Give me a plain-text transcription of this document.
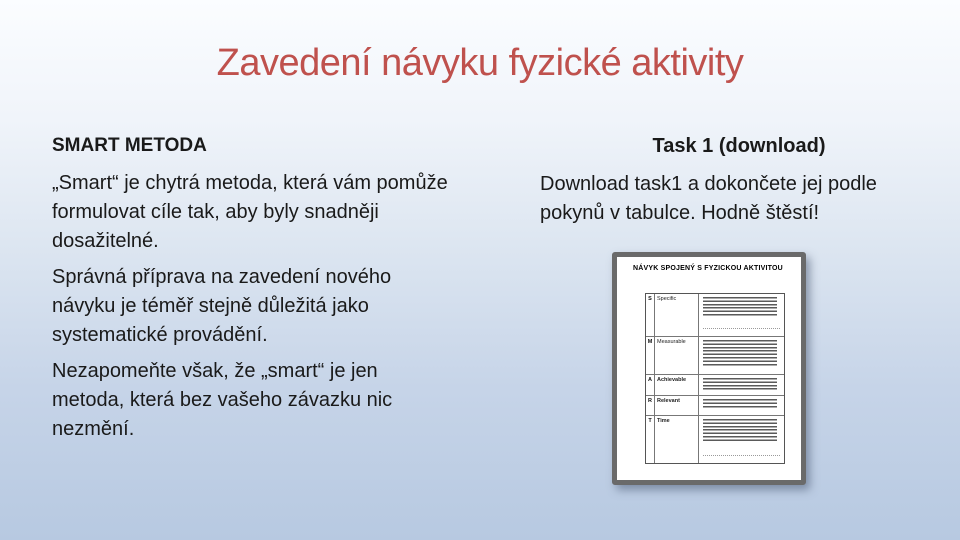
Zavedení návyku fyzické aktivity
SMART METODA
„Smart“ je chytrá metoda, která vám pomůže formulovat cíle tak, aby byly snadněji dosažitelné.
Správná příprava na zavedení nového návyku je téměř stejně důležitá jako systematické provádění.
Nezapomeňte však, že „smart“ je jen metoda, která bez vašeho závazku nic nezmění.
Task 1 (download)
Download task1 a dokončete jej podle pokynů v tabulce. Hodně štěstí!
NÁVYK SPOJENÝ S FYZICKOU AKTIVITOU
S Specific
M Measurable
A Achievable
R Relevant
T Time
